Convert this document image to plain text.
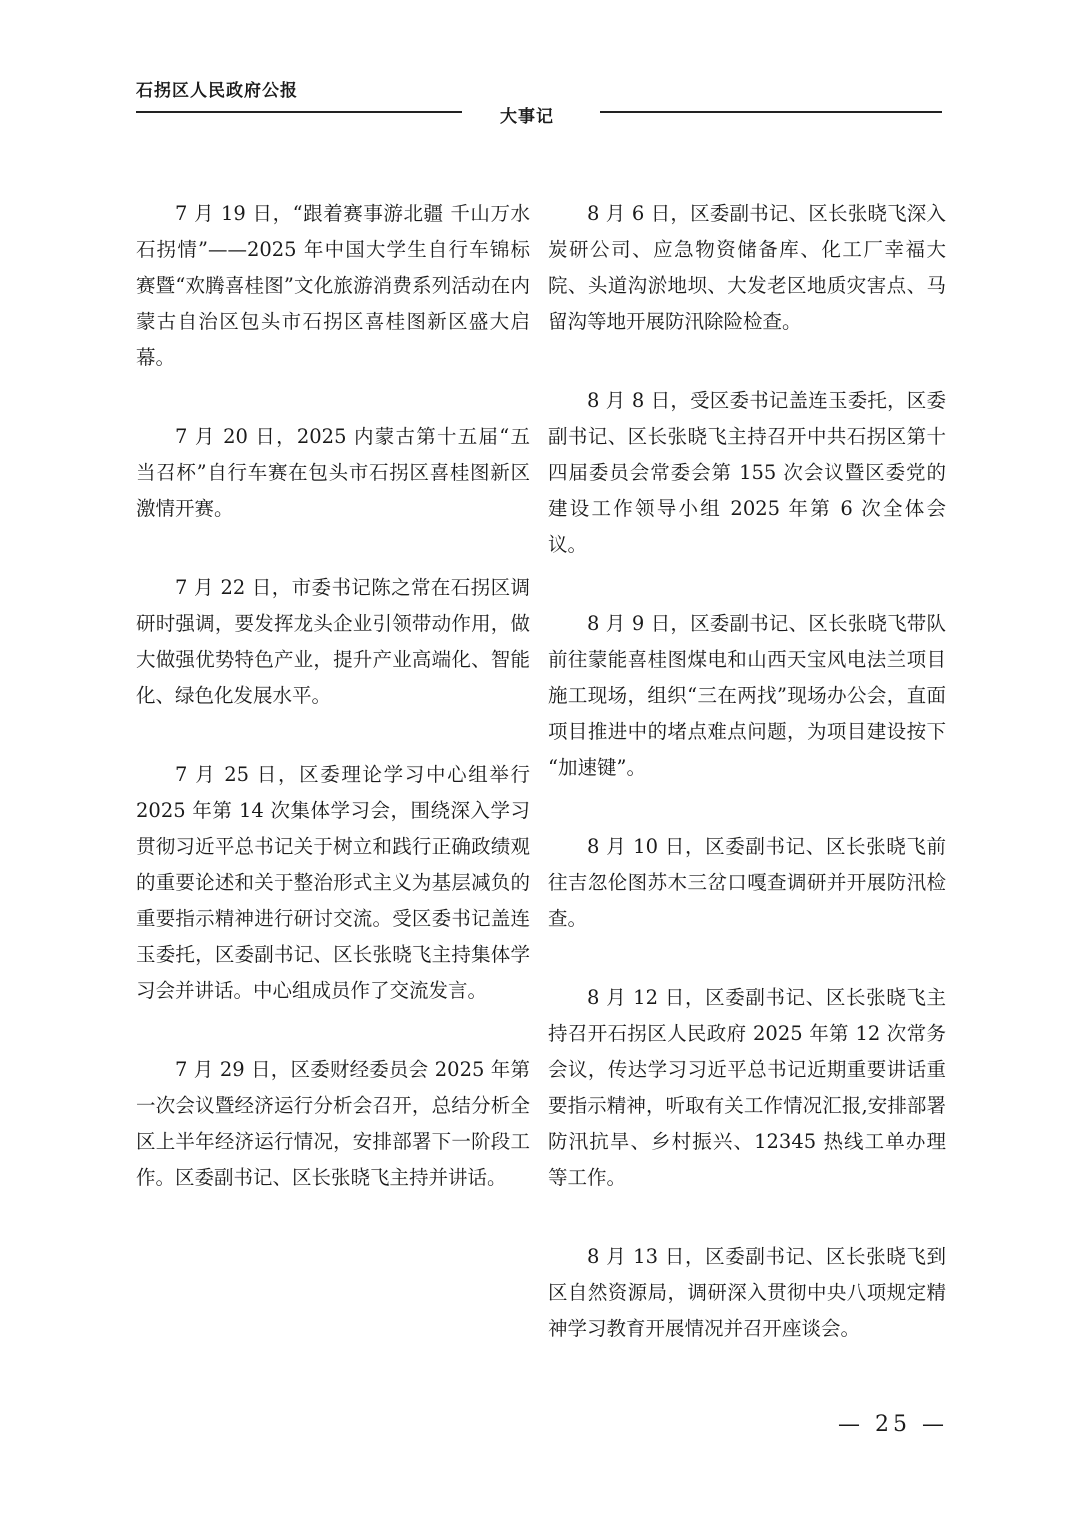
石拐区人民政府公报
大事记

7 月 19 日，“跟着赛事游北疆 千山万水石拐情”——2025 年中国大学生自行车锦标赛暨“欢腾喜桂图”文化旅游消费系列活动在内蒙古自治区包头市石拐区喜桂图新区盛大启幕。

7 月 20 日，2025 内蒙古第十五届“五当召杯”自行车赛在包头市石拐区喜桂图新区激情开赛。

7 月 22 日，市委书记陈之常在石拐区调研时强调，要发挥龙头企业引领带动作用，做大做强优势特色产业，提升产业高端化、智能化、绿色化发展水平。

7 月 25 日，区委理论学习中心组举行 2025 年第 14 次集体学习会，围绕深入学习贯彻习近平总书记关于树立和践行正确政绩观的重要论述和关于整治形式主义为基层减负的重要指示精神进行研讨交流。受区委书记盖连玉委托，区委副书记、区长张晓飞主持集体学习会并讲话。中心组成员作了交流发言。

7 月 29 日，区委财经委员会 2025 年第一次会议暨经济运行分析会召开，总结分析全区上半年经济运行情况，安排部署下一阶段工作。区委副书记、区长张晓飞主持并讲话。

8 月 6 日，区委副书记、区长张晓飞深入炭研公司、应急物资储备库、化工厂幸福大院、头道沟淤地坝、大发老区地质灾害点、马留沟等地开展防汛除险检查。

8 月 8 日，受区委书记盖连玉委托，区委副书记、区长张晓飞主持召开中共石拐区第十四届委员会常委会第 155 次会议暨区委党的建设工作领导小组 2025 年第 6 次全体会议。

8 月 9 日，区委副书记、区长张晓飞带队前往蒙能喜桂图煤电和山西天宝风电法兰项目施工现场，组织“三在两找”现场办公会，直面项目推进中的堵点难点问题，为项目建设按下 “加速键”。

8 月 10 日，区委副书记、区长张晓飞前往吉忽伦图苏木三岔口嘎查调研并开展防汛检查。

8 月 12 日，区委副书记、区长张晓飞主持召开石拐区人民政府 2025 年第 12 次常务会议，传达学习习近平总书记近期重要讲话重要指示精神，听取有关工作情况汇报,安排部署防汛抗旱、乡村振兴、12345 热线工单办理等工作。

8 月 13 日，区委副书记、区长张晓飞到区自然资源局，调研深入贯彻中央八项规定精神学习教育开展情况并召开座谈会。

— 25 —
